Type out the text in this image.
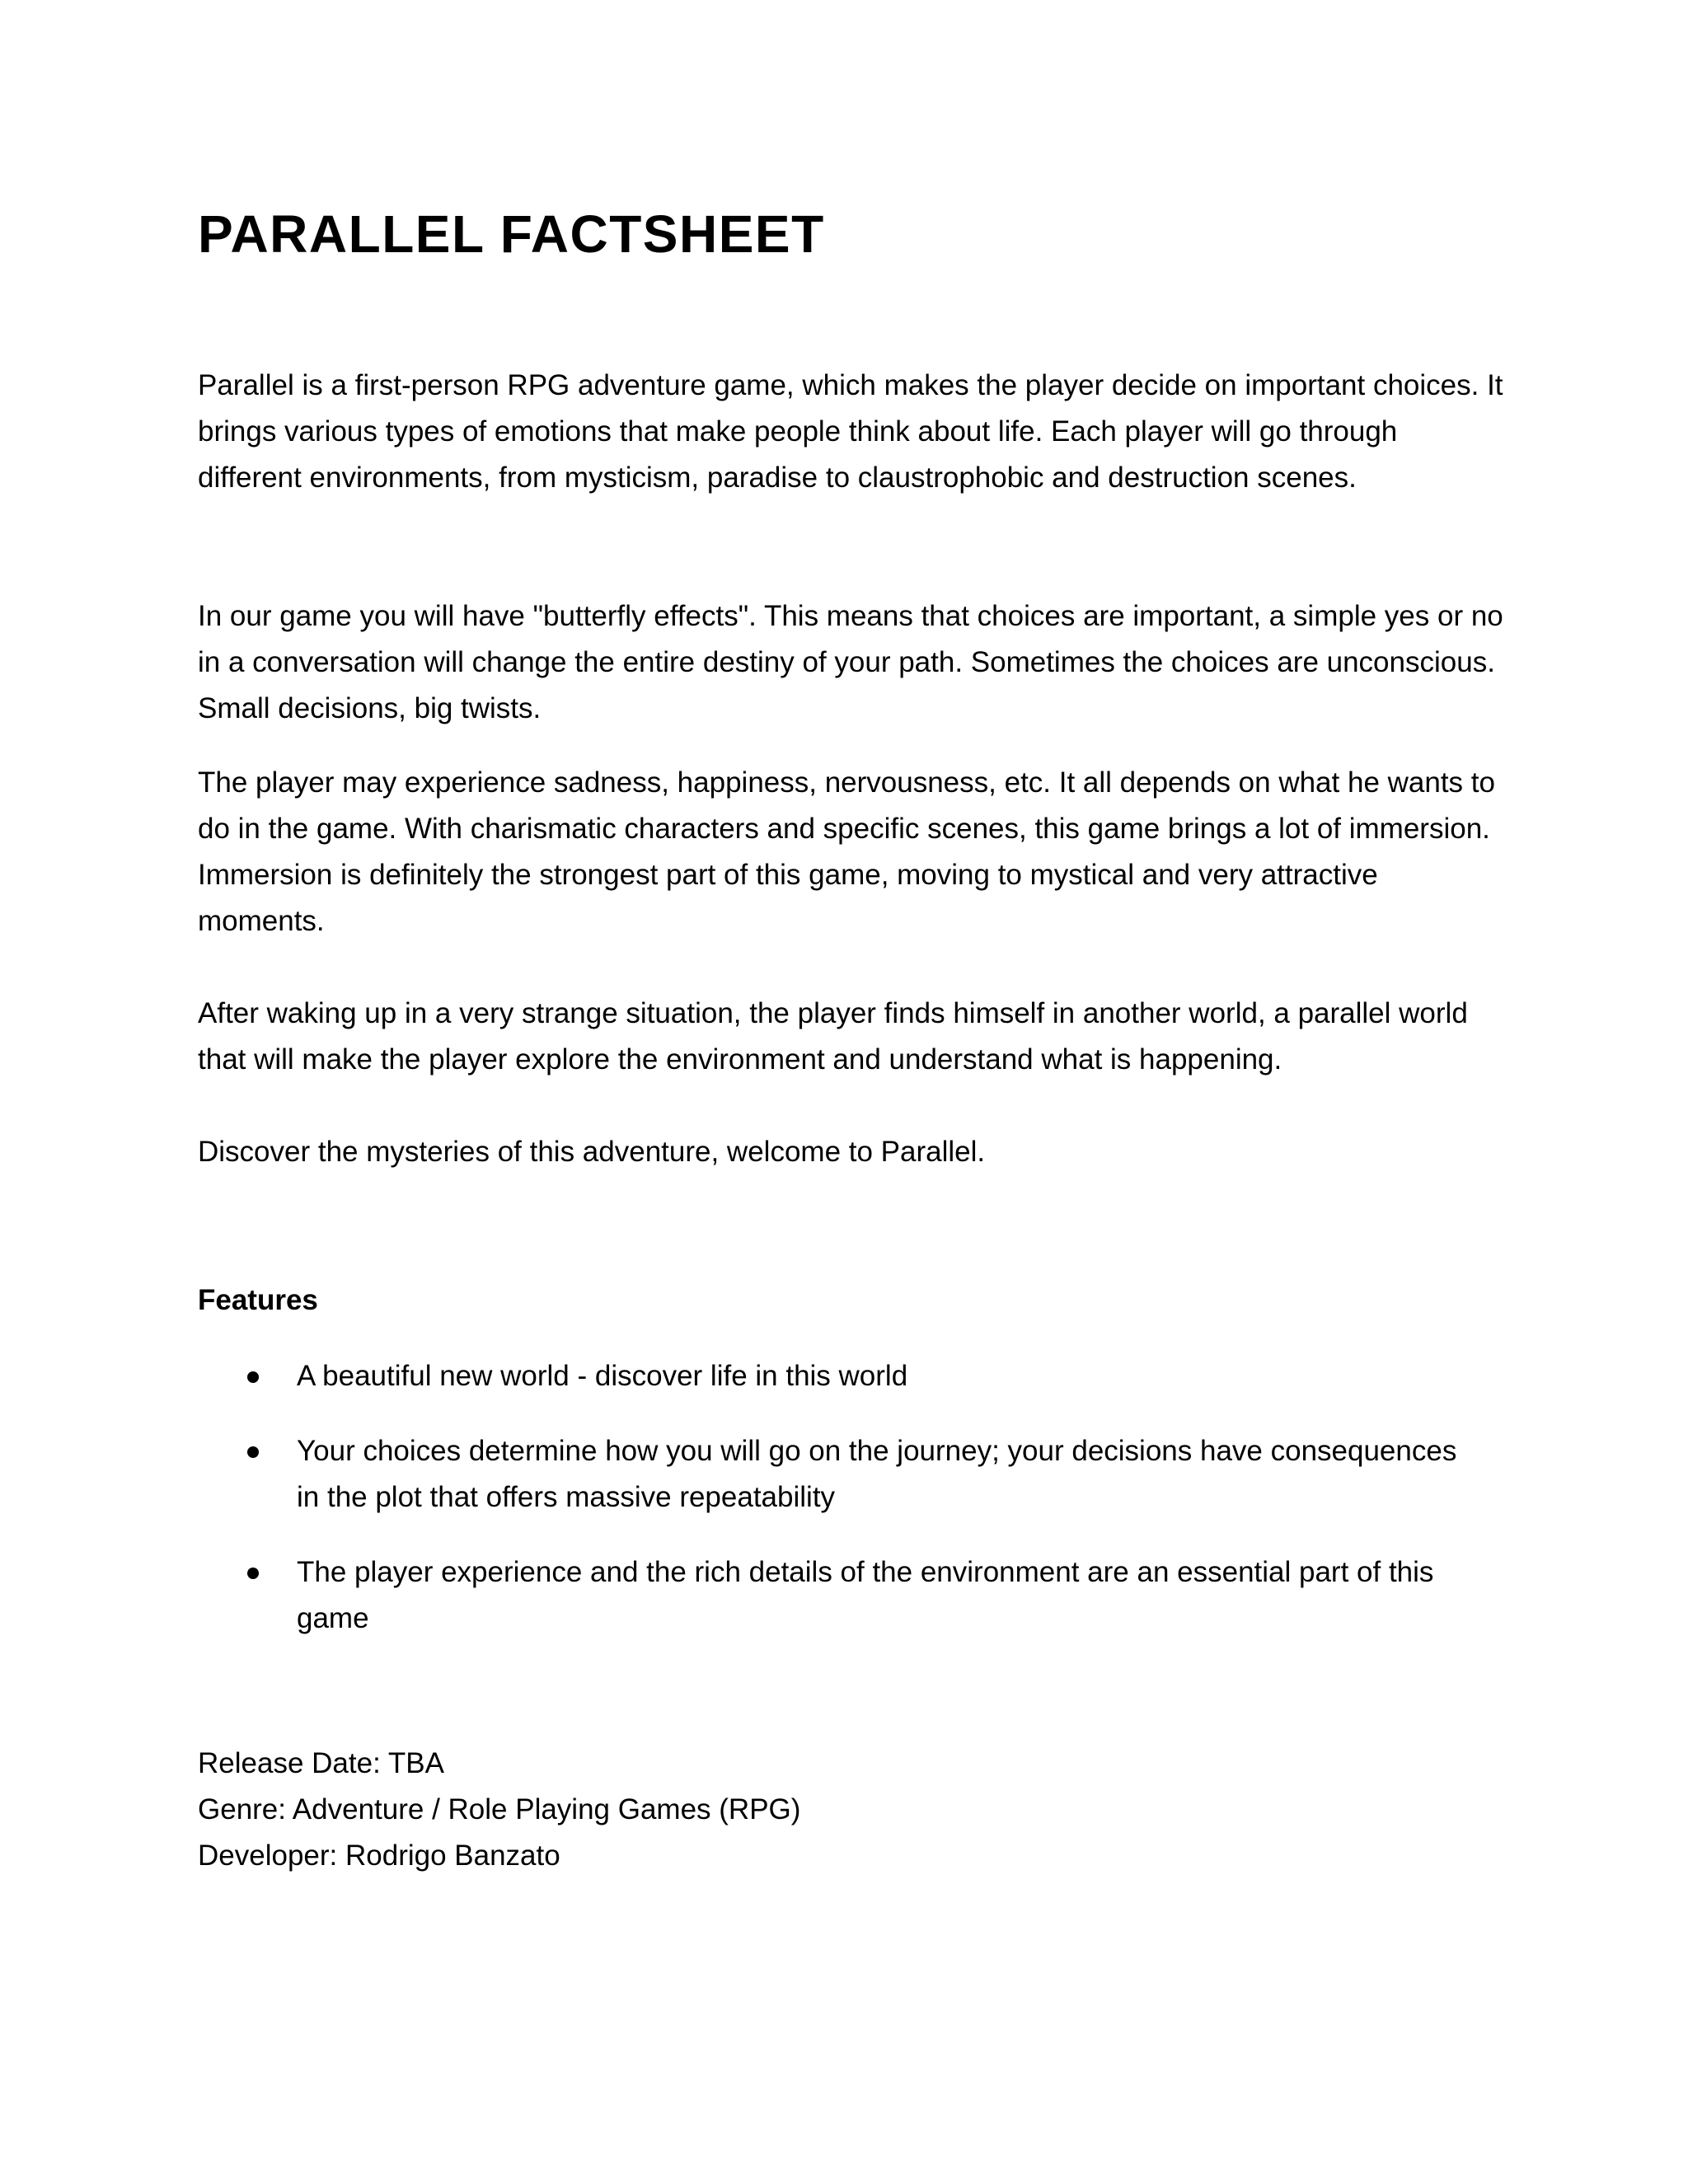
PARALLEL FACTSHEET

Parallel is a first-person RPG adventure game, which makes the player decide on important choices. It brings various types of emotions that make people think about life. Each player will go through different environments, from mysticism, paradise to claustrophobic and destruction scenes.

In our game you will have "butterfly effects". This means that choices are important, a simple yes or no in a conversation will change the entire destiny of your path. Sometimes the choices are unconscious. Small decisions, big twists.

The player may experience sadness, happiness, nervousness, etc. It all depends on what he wants to do in the game. With charismatic characters and specific scenes, this game brings a lot of immersion. Immersion is definitely the strongest part of this game, moving to mystical and very attractive moments.

After waking up in a very strange situation, the player finds himself in another world, a parallel world that will make the player explore the environment and understand what is happening.

Discover the mysteries of this adventure, welcome to Parallel.

Features
A beautiful new world - discover life in this world
Your choices determine how you will go on the journey; your decisions have consequences in the plot that offers massive repeatability
The player experience and the rich details of the environment are an essential part of this game

Release Date: TBA

Genre: Adventure / Role Playing Games (RPG)

Developer: Rodrigo Banzato
